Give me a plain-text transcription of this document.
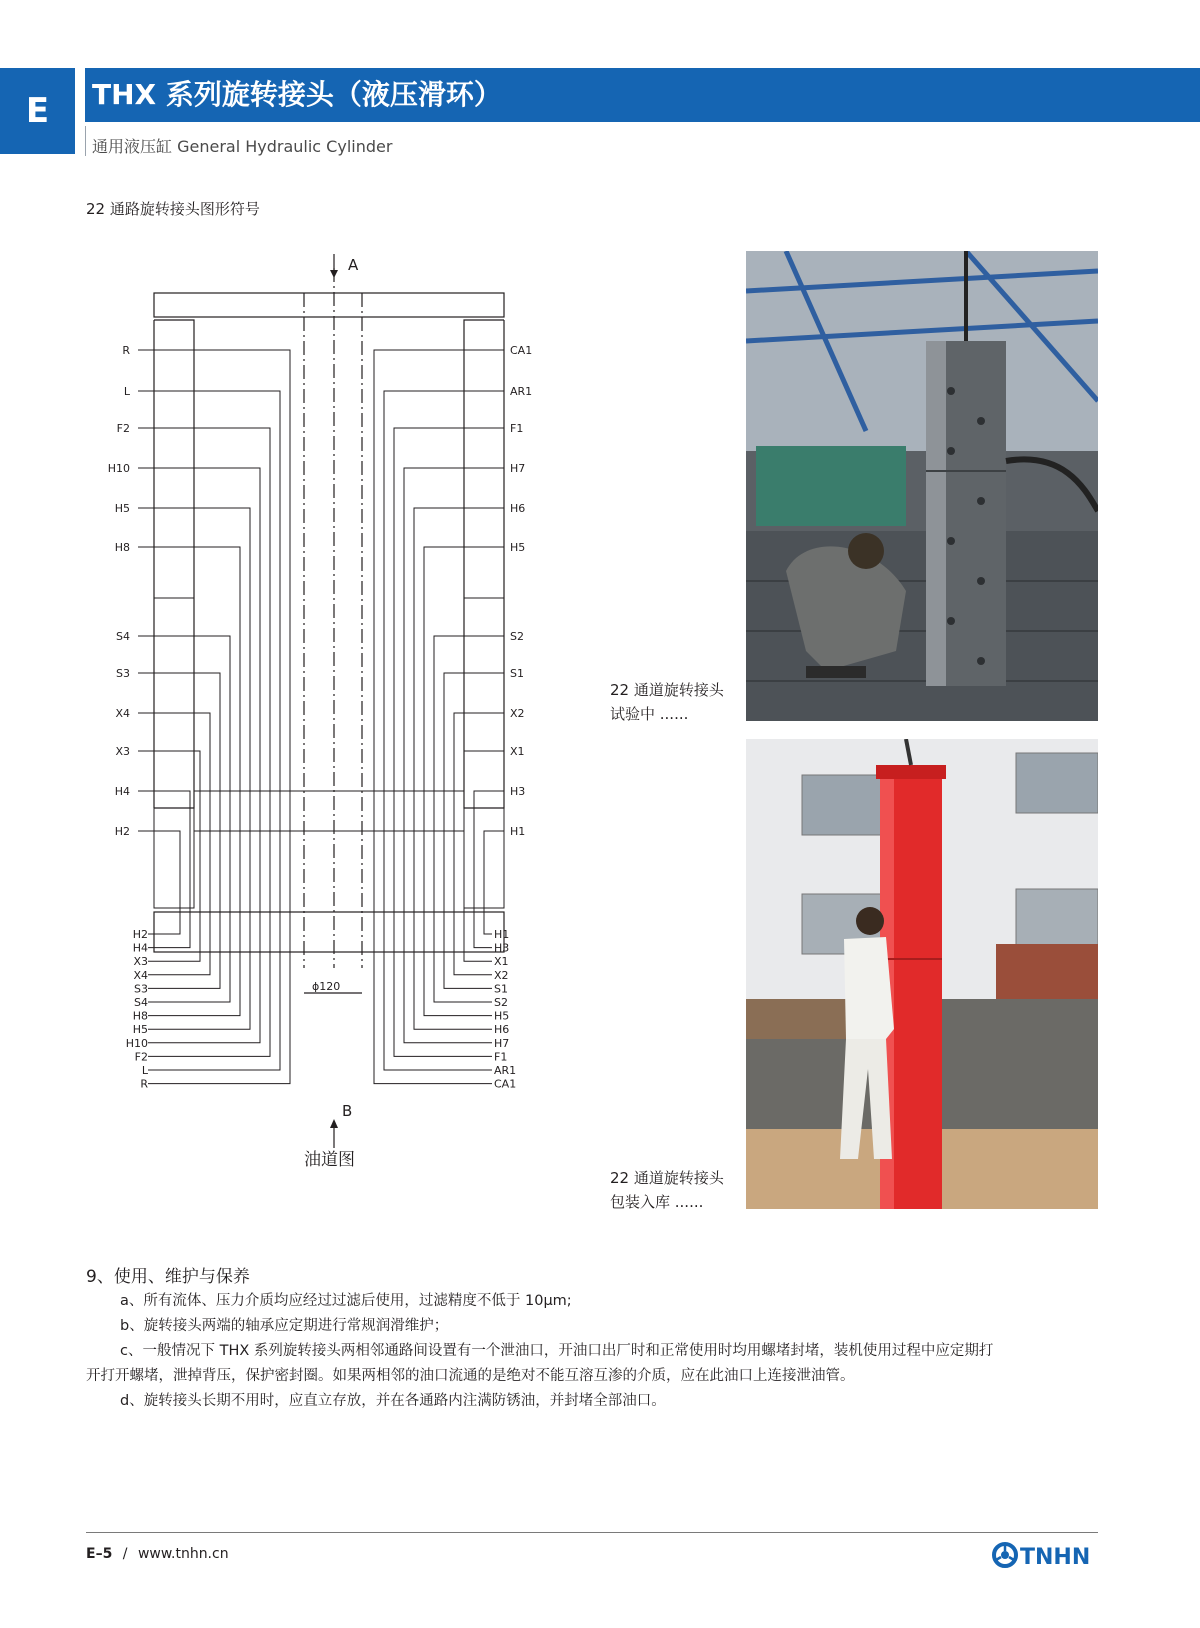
E	THX 系列旋转接头（液压滑环）
通用液压缸 General Hydraulic Cylinder
22 通路旋转接头图形符号
R	CA1
L	AR1
F2	F1
H10	H7
H5	H6
H8	H5
S4	S2
S3	S1
X4	X2
X3	X1
H4	H3
H2	H1
H2
H4
X3
X4
S3
S4
H8
H5
H10
F2
L
R
H1
H3
X1
X2
S1
S2
H5
H6
H7
F1
AR1
CA1
A
B
ϕ120
油道图
22 通道旋转接头
试验中 ......
22 通道旋转接头
包装入库 ......
9、使用、维护与保养
a、所有流体、压力介质均应经过过滤后使用，过滤精度不低于 10μm;
b、旋转接头两端的轴承应定期进行常规润滑维护；
c、一般情况下 THX 系列旋转接头两相邻通路间设置有一个泄油口，开油口出厂时和正常使用时均用螺堵封堵，装机使用过程中应定期打
开打开螺堵，泄掉背压，保护密封圈。如果两相邻的油口流通的是绝对不能互溶互渗的介质，应在此油口上连接泄油管。
d、旋转接头长期不用时，应直立存放，并在各通路内注满防锈油，并封堵全部油口。
E–5 / www.tnhn.cn	TNHN
